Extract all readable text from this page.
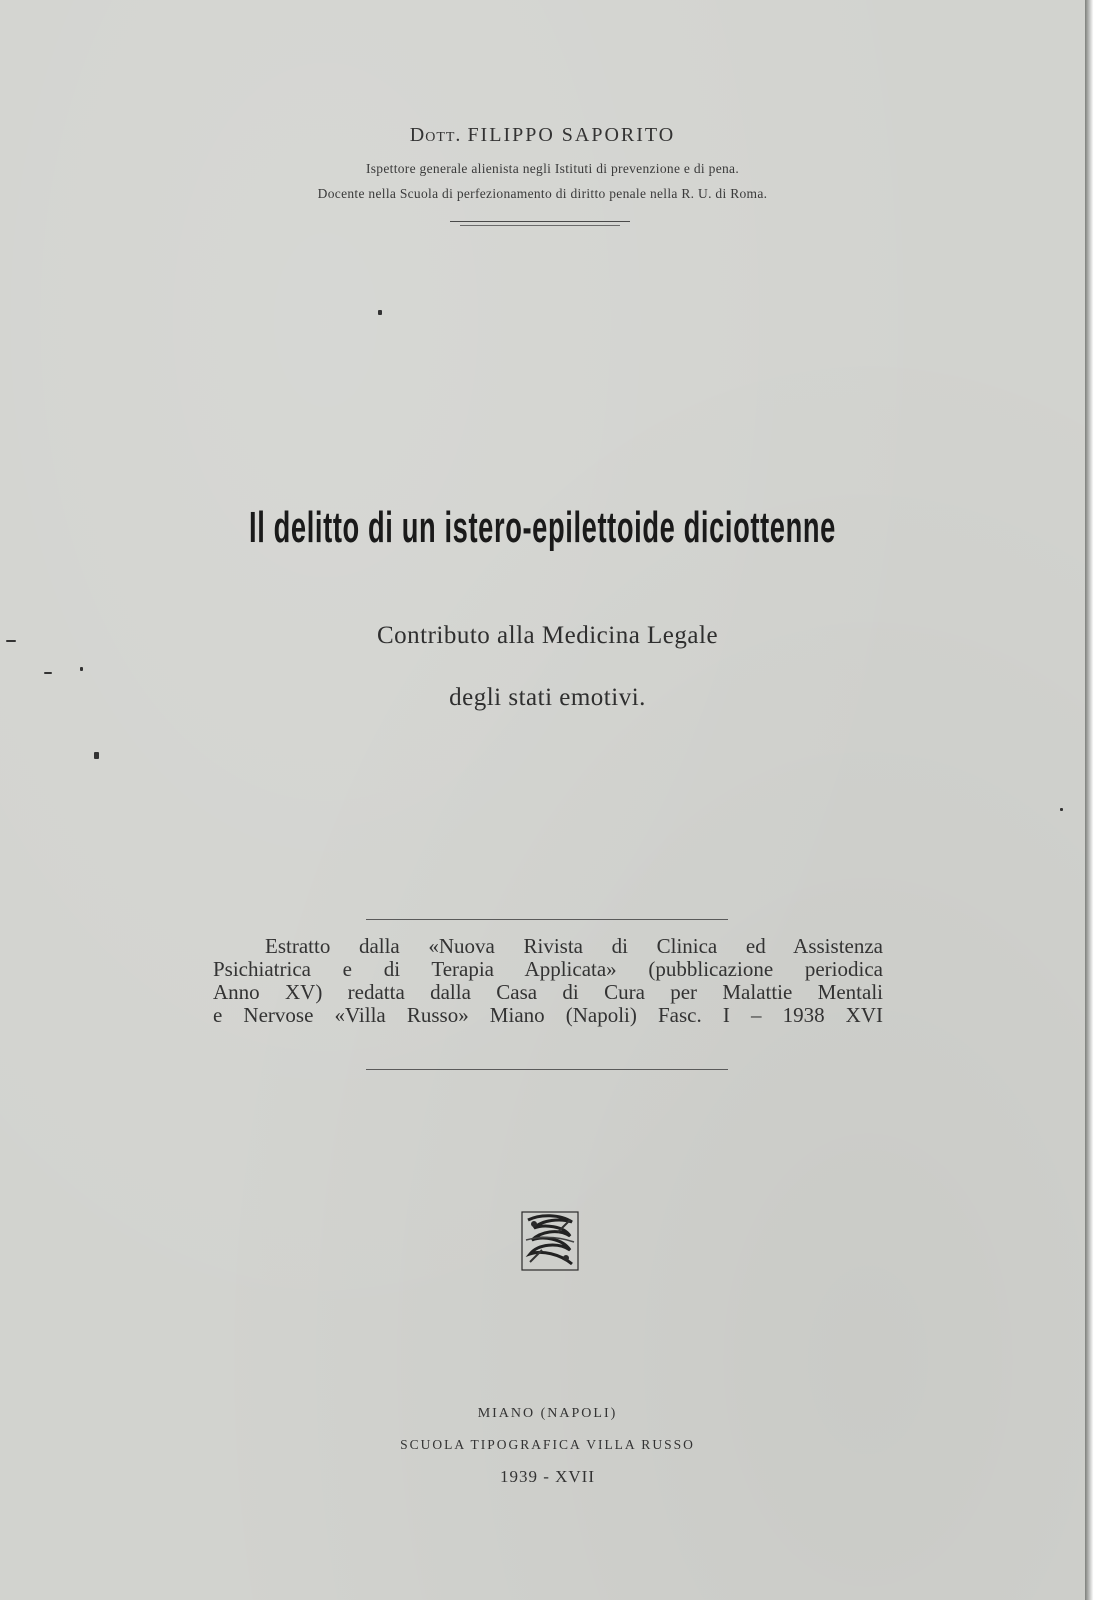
Dott. FILIPPO SAPORITO
Ispettore generale alienista negli Istituti di prevenzione e di pena.
Docente nella Scuola di perfezionamento di diritto penale nella R. U. di Roma.
Il delitto di un istero-epilettoide diciottenne
Contributo alla Medicina Legale
degli stati emotivi.
Estratto dalla «Nuova Rivista di Clinica ed Assistenza
Psichiatrica e di Terapia Applicata» (pubblicazione periodica
Anno XV) redatta dalla Casa di Cura per Malattie Mentali
e Nervose «Villa Russo» Miano (Napoli) Fasc. I – 1938 XVI
MIANO (NAPOLI)
SCUOLA TIPOGRAFICA VILLA RUSSO
1939 - XVII
